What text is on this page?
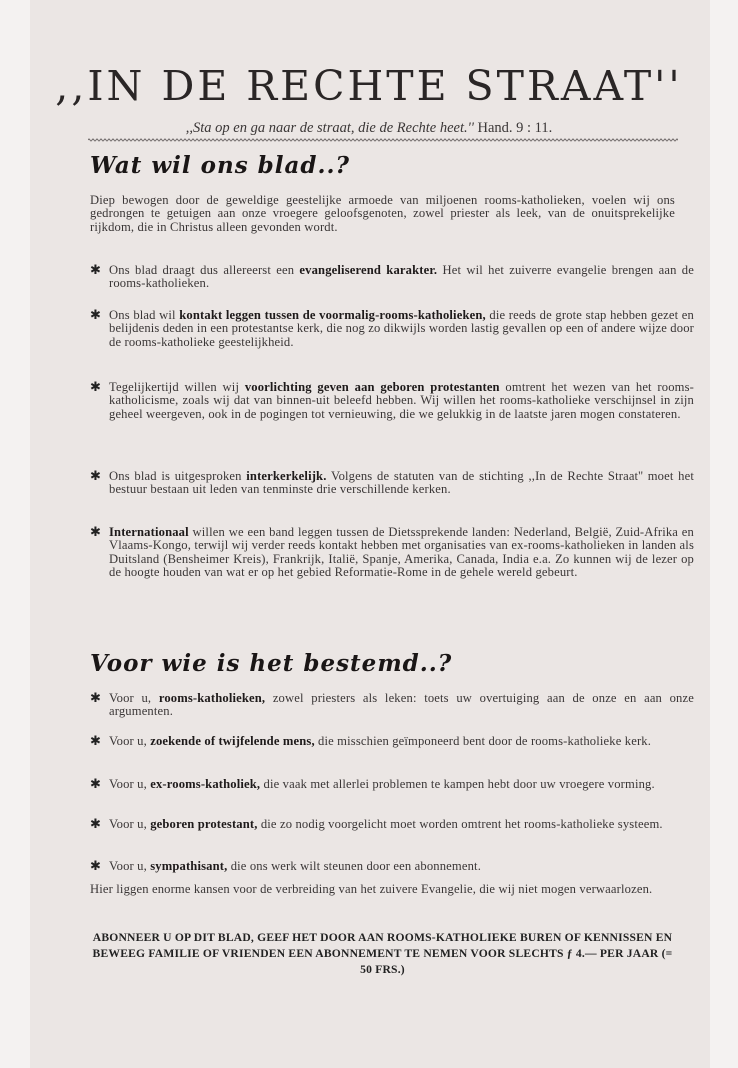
,,IN DE RECHTE STRAAT''
,,Sta op en ga naar de straat, die de Rechte heet.'' Hand. 9 : 11.
Wat wil ons blad..?
Diep bewogen door de geweldige geestelijke armoede van miljoenen rooms-katholieken, voelen wij ons gedrongen te getuigen aan onze vroegere geloofsgenoten, zowel priester als leek, van de onuitsprekelijke rijkdom, die in Christus alleen gevonden wordt.
✱ Ons blad draagt dus allereerst een evangeliserend karakter. Het wil het zuiverre evangelie brengen aan de rooms-katholieken.
✱ Ons blad wil kontakt leggen tussen de voormalig-rooms-katholieken, die reeds de grote stap hebben gezet en belijdenis deden in een protestantse kerk, die nog zo dikwijls worden lastig gevallen op een of andere wijze door de rooms-katholieke geestelijkheid.
✱ Tegelijkertijd willen wij voorlichting geven aan geboren protestanten omtrent het wezen van het rooms-katholicisme, zoals wij dat van binnen-uit beleefd hebben. Wij willen het rooms-katholieke verschijnsel in zijn geheel weergeven, ook in de pogingen tot vernieuwing, die we gelukkig in de laatste jaren mogen constateren.
✱ Ons blad is uitgesproken interkerkelijk. Volgens de statuten van de stichting ,,In de Rechte Straat'' moet het bestuur bestaan uit leden van tenminste drie verschillende kerken.
✱ Internationaal willen we een band leggen tussen de Dietssprekende landen: Nederland, België, Zuid-Afrika en Vlaams-Kongo, terwijl wij verder reeds kontakt hebben met organisaties van ex-rooms-katholieken in landen als Duitsland (Bensheimer Kreis), Frankrijk, Italië, Spanje, Amerika, Canada, India e.a. Zo kunnen wij de lezer op de hoogte houden van wat er op het gebied Reformatie-Rome in de gehele wereld gebeurt.
Voor wie is het bestemd..?
✱ Voor u, rooms-katholieken, zowel priesters als leken: toets uw overtuiging aan de onze en aan onze argumenten.
✱ Voor u, zoekende of twijfelende mens, die misschien geïmponeerd bent door de rooms-katholieke kerk.
✱ Voor u, ex-rooms-katholiek, die vaak met allerlei problemen te kampen hebt door uw vroegere vorming.
✱ Voor u, geboren protestant, die zo nodig voorgelicht moet worden omtrent het rooms-katholieke systeem.
✱ Voor u, sympathisant, die ons werk wilt steunen door een abonnement.
Hier liggen enorme kansen voor de verbreiding van het zuivere Evangelie, die wij niet mogen verwaarlozen.
ABONNEER U OP DIT BLAD, GEEF HET DOOR AAN ROOMS-KATHOLIEKE BUREN OF KENNISSEN EN BEWEEG FAMILIE OF VRIENDEN EEN ABONNEMENT TE NEMEN VOOR SLECHTS ƒ 4.— PER JAAR (= 50 FRS.)
